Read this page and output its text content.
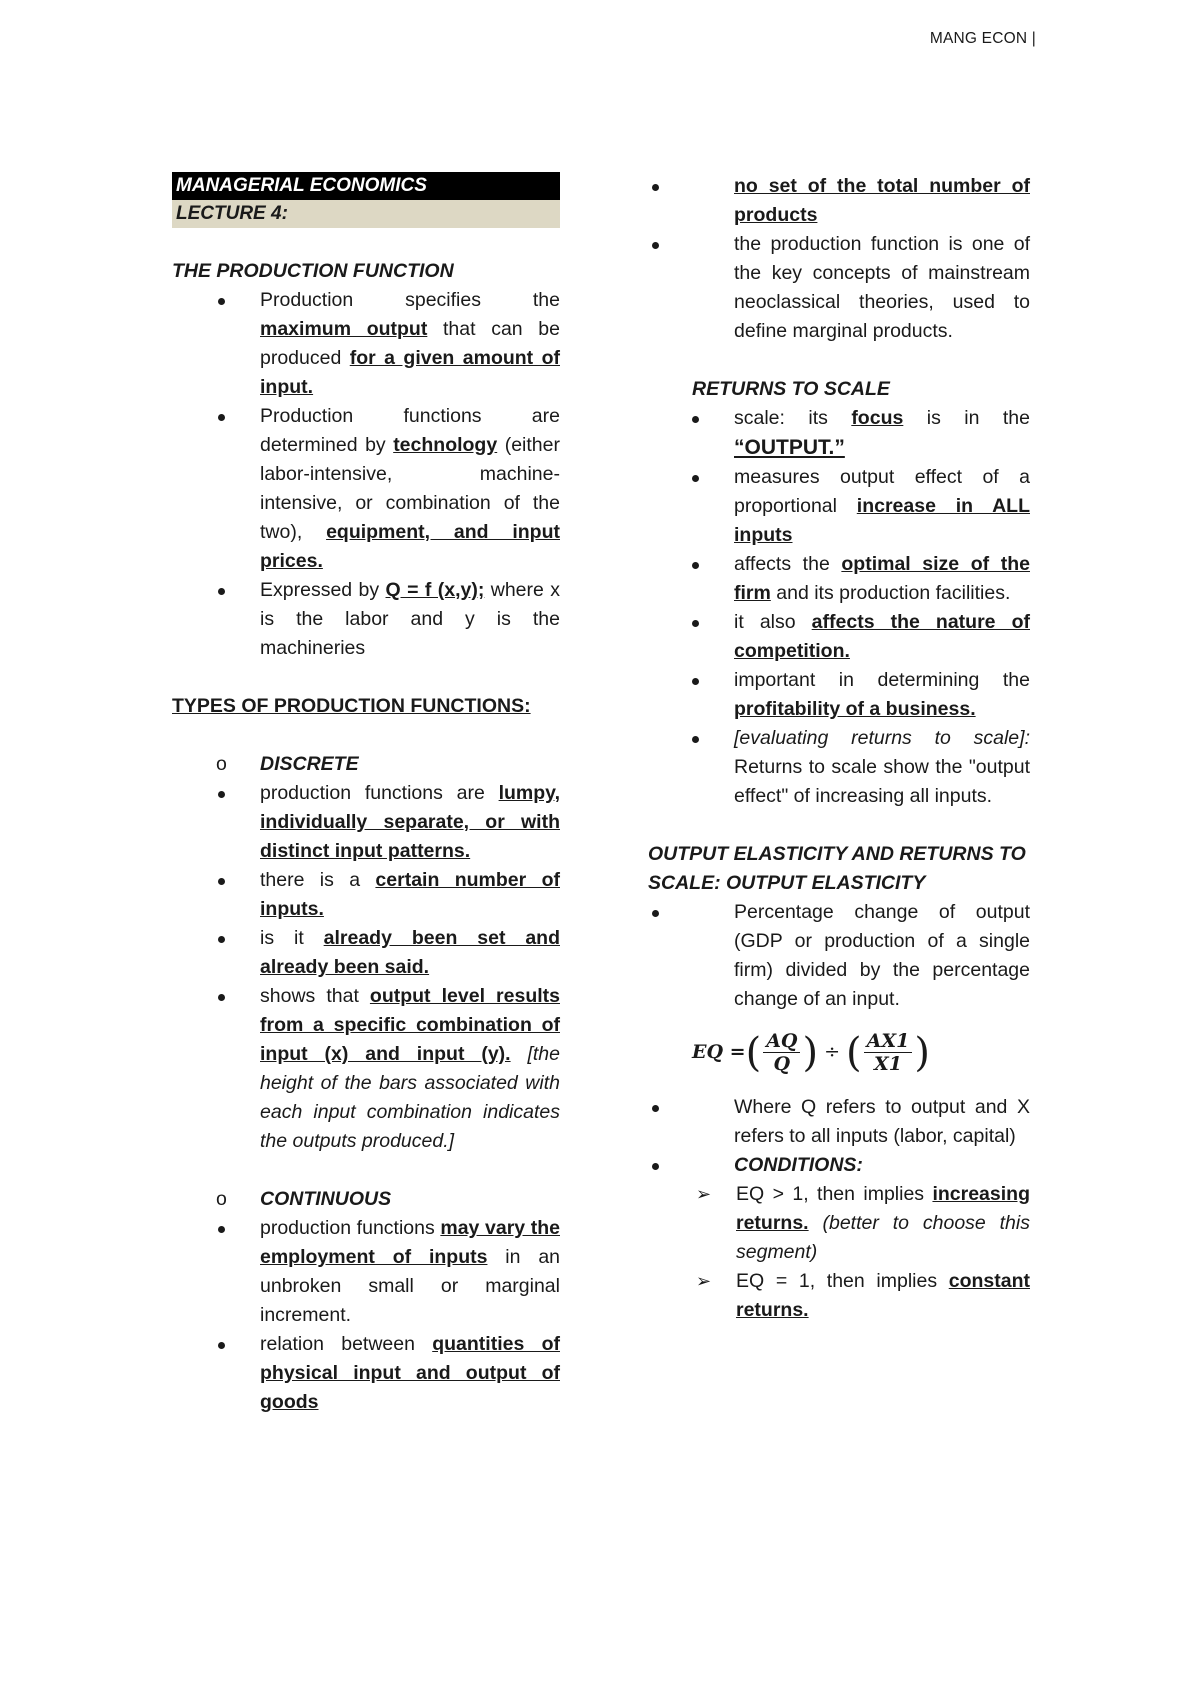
MANG ECON |
MANAGERIAL ECONOMICS
LECTURE 4:

THE PRODUCTION FUNCTION

Production specifies the maximum output that can be produced for a given amount of input.
Production functions are determined by technology (either labor-intensive, machine-intensive, or combination of the two), equipment, and input prices.
Expressed by Q = f (x,y); where x is the labor and y is the machineries

TYPES OF PRODUCTION FUNCTIONS:

o DISCRETE
production functions are lumpy, individually separate, or with distinct input patterns.
there is a certain number of inputs.
is it already been set and already been said.
shows that output level results from a specific combination of input (x) and input (y). [the height of the bars associated with each input combination indicates the outputs produced.]
o CONTINUOUS
production functions may vary the employment of inputs in an unbroken small or marginal increment.
relation between quantities of physical input and output of goods
no set of the total number of products
the production function is one of the key concepts of mainstream neoclassical theories, used to define marginal products.

RETURNS TO SCALE

scale: its focus is in the “OUTPUT.”
measures output effect of a proportional increase in ALL inputs
affects the optimal size of the firm and its production facilities.
it also affects the nature of competition.
important in determining the profitability of a business.
[evaluating returns to scale]: Returns to scale show the "output effect" of increasing all inputs.

OUTPUT ELASTICITY AND RETURNS TO SCALE: OUTPUT ELASTICITY

Percentage change of output (GDP or production of a single firm) divided by the percentage change of an input.
EQ = ( $\frac{AQ}{Q}$ ) ÷ ( $\frac{AX1}{X1}$ )
Where Q refers to output and X refers to all inputs (labor, capital)
CONDITIONS:
➢ EQ > 1, then implies increasing returns. (better to choose this segment)
➢ EQ = 1, then implies constant returns.
